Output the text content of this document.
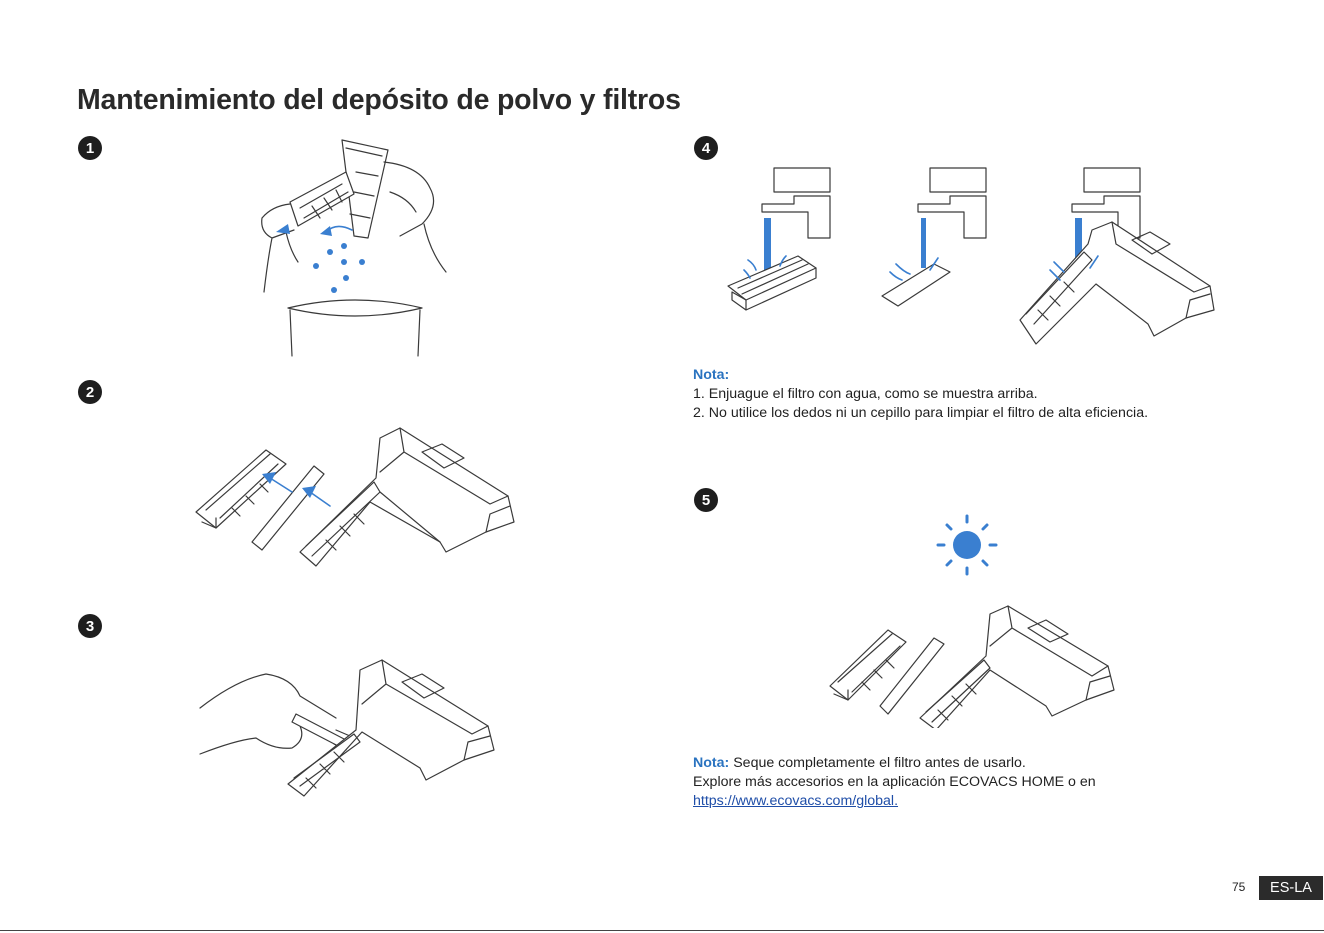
Mantenimiento del depósito de polvo y filtros
1
2
3
4

Nota:

1. Enjuague el filtro con agua, como se muestra arriba.

2. No utilice los dedos ni un cepillo para limpiar el filtro de alta eficiencia.

5

Nota: Seque completamente el filtro antes de usarlo.

Explore más accesorios en la aplicación ECOVACS HOME o en

https://www.ecovacs.com/global.

75	ES-LA
